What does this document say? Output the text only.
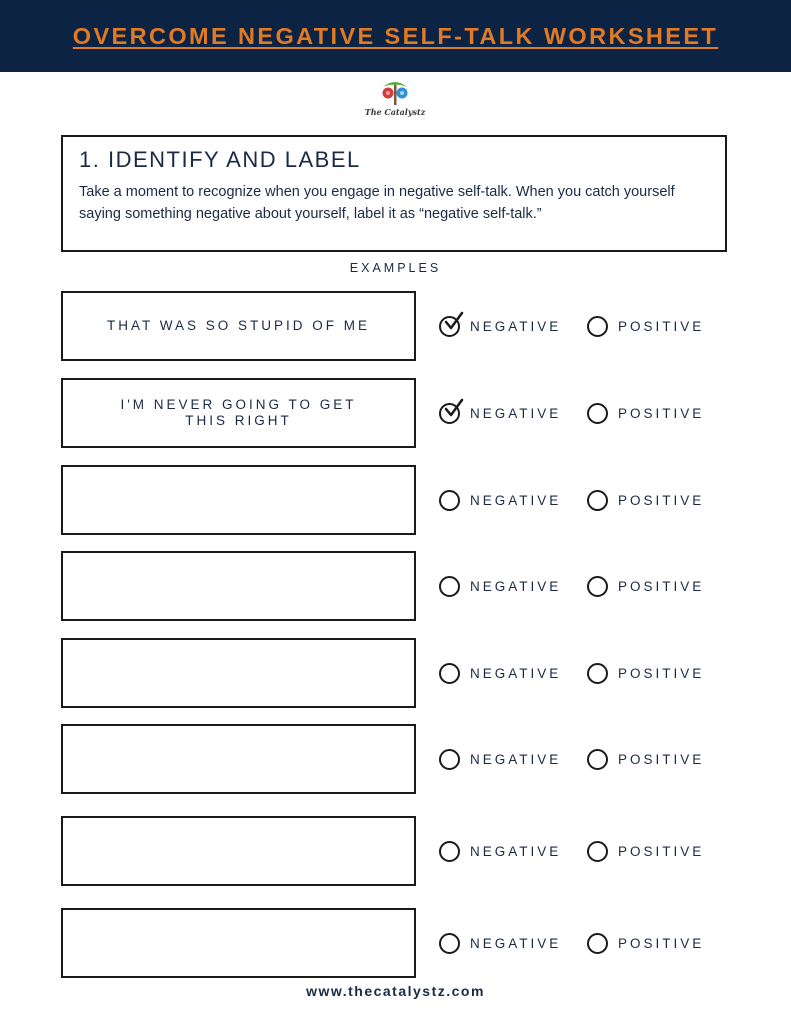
OVERCOME NEGATIVE SELF-TALK WORKSHEET
The Catalystz
1. IDENTIFY AND LABEL

Take a moment to recognize when you engage in negative self-talk. When you catch yourself saying something negative about yourself, label it as “negative self-talk.”

EXAMPLES
THAT WAS SO STUPID OF ME	NEGATIVE	POSITIVE
I'M NEVER GOING TO GET THIS RIGHT	NEGATIVE	POSITIVE
NEGATIVE	POSITIVE
NEGATIVE	POSITIVE
NEGATIVE	POSITIVE
NEGATIVE	POSITIVE
NEGATIVE	POSITIVE
NEGATIVE	POSITIVE
www.thecatalystz.com
